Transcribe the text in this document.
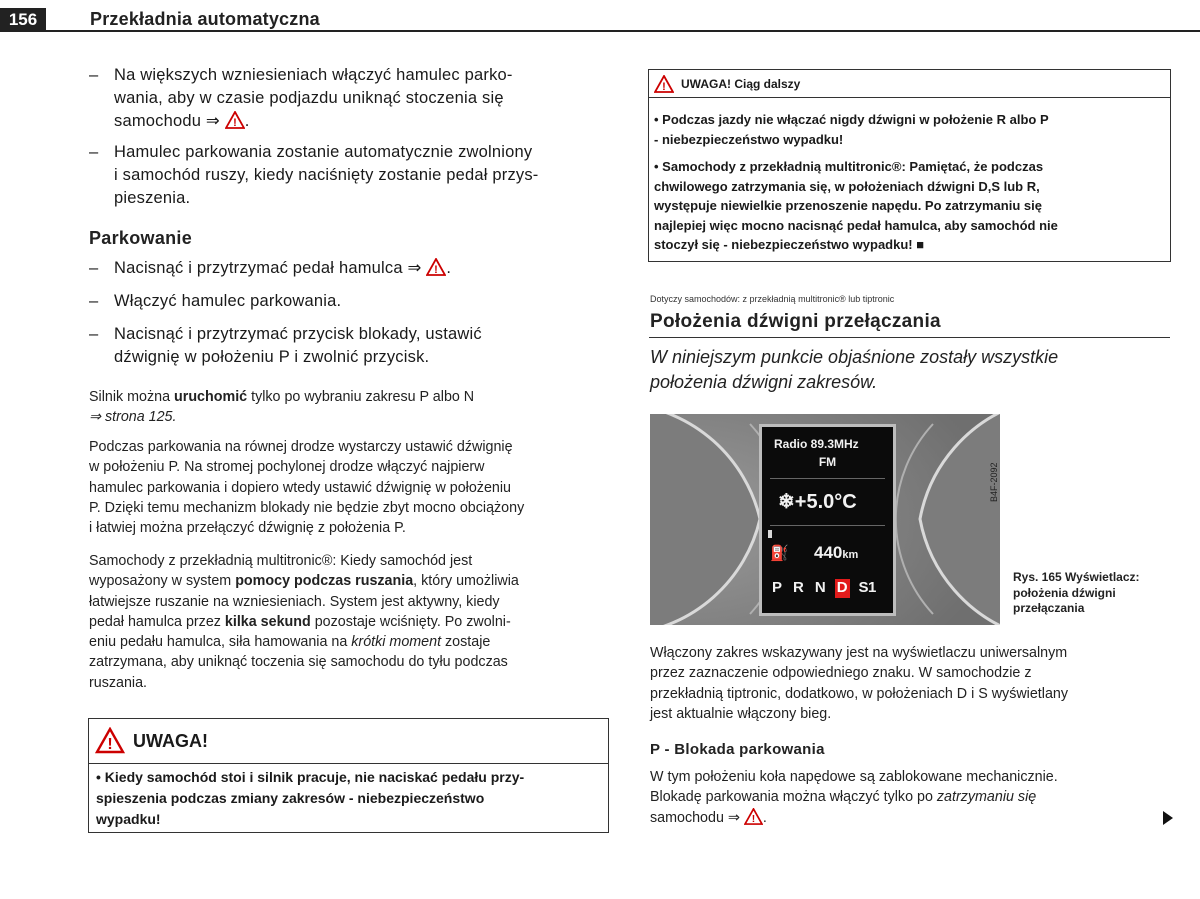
156	Przekładnia automatyczna
– Na większych wzniesieniach włączyć hamulec parko-
wania, aby w czasie podjazdu uniknąć stoczenia się
samochodu ⇒ ! .
– Hamulec parkowania zostanie automatycznie zwolniony
i samochód ruszy, kiedy naciśnięty zostanie pedał przys-
pieszenia.
Parkowanie
– Nacisnąć i przytrzymać pedał hamulca ⇒ ! .
– Włączyć hamulec parkowania.
– Nacisnąć i przytrzymać przycisk blokady, ustawić
dźwignię w położeniu P i zwolnić przycisk.
Silnik można uruchomić tylko po wybraniu zakresu P albo N
⇒ strona 125.
Podczas parkowania na równej drodze wystarczy ustawić dźwignię
w położeniu P. Na stromej pochylonej drodze włączyć najpierw
hamulec parkowania i dopiero wtedy ustawić dźwignię w położeniu
P. Dzięki temu mechanizm blokady nie będzie zbyt mocno obciążony
i łatwiej można przełączyć dźwignię z położenia P.
Samochody z przekładnią multitronic®: Kiedy samochód jest
wyposażony w system pomocy podczas ruszania, który umożliwia
łatwiejsze ruszanie na wzniesieniach. System jest aktywny, kiedy
pedał hamulca przez kilka sekund pozostaje wciśnięty. Po zwolni-
eniu pedału hamulca, siła hamowania na krótki moment zostaje
zatrzymana, aby uniknąć toczenia się samochodu do tyłu podczas
ruszania.
! UWAGA!
• Kiedy samochód stoi i silnik pracuje, nie naciskać pedału przy-
spieszenia podczas zmiany zakresów - niebezpieczeństwo
wypadku!
! UWAGA! Ciąg dalszy
• Podczas jazdy nie włączać nigdy dźwigni w położenie R albo P
- niebezpieczeństwo wypadku!
• Samochody z przekładnią multitronic®: Pamiętać, że podczas
chwilowego zatrzymania się, w położeniach dźwigni D,S lub R,
występuje niewielkie przenoszenie napędu. Po zatrzymaniu się
najlepiej więc mocno nacisnąć pedał hamulca, aby samochód nie
stoczył się - niebezpieczeństwo wypadku! ■
Dotyczy samochodów: z przekładnią multitronic® lub tiptronic
Położenia dźwigni przełączania
W niniejszym punkcie objaśnione zostały wszystkie
położenia dźwigni zakresów.
Radio 89.3MHz
FM
❄+5.0°C
⛽ 440km
P R N D S 1
B4F-2092
Rys. 165 Wyświetlacz:
położenia dźwigni
przełączania
Włączony zakres wskazywany jest na wyświetlaczu uniwersalnym
przez zaznaczenie odpowiedniego znaku. W samochodzie z
przekładnią tiptronic, dodatkowo, w położeniach D i S wyświetlany
jest aktualnie włączony bieg.
P - Blokada parkowania
W tym położeniu koła napędowe są zablokowane mechanicznie.
Blokadę parkowania można włączyć tylko po zatrzymaniu się
samochodu ⇒ ! .
